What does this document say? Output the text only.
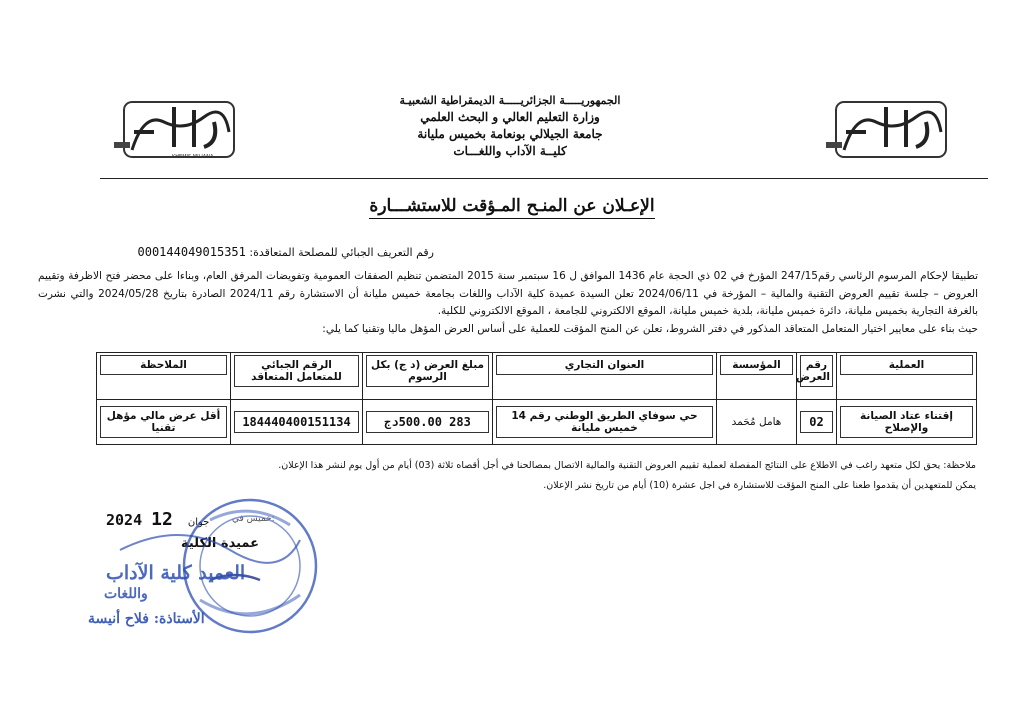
KHEMIS MILIANA
الجمهوريـــــة الجزائريـــــة الديمقراطية الشعبيـة
وزارة التعليم العالي و البحث العلمي
جامعة الجيلالي بونعامة بخميس مليانة
كليــة الآداب واللغـــات
الإعـلان عن المنـح المـؤقت للاستشـــارة
رقم التعريف الجبائي للمصلحة المتعاقدة: 000144049015351

تطبيقا لإحكام المرسوم الرئاسي رقم247/15 المؤرخ في 02 ذي الحجة عام 1436 الموافق ل 16 سبتمبر سنة 2015 المتضمن تنظيم الصفقات العمومية وتفويضات المرفق العام، وبناءا على محضر فتح الاظرفة وتقييم العروض – جلسة تقييم العروض التقنية والمالية – المؤرخة في 2024/06/11 تعلن السيدة عميدة كلية الآداب واللغات بجامعة خميس مليانة أن الاستشارة رقم 2024/11 الصادرة بتاريخ 2024/05/28 والتي نشرت بالغرفة التجارية بخميس مليانة، دائرة خميس مليانة، بلدية خميس مليانة، الموقع الالكتروني للجامعة ، الموقع الالكتروني للكلية.

حيث بناء على معايير اختيار المتعامل المتعاقد المذكور في دفتر الشروط، تعلن عن المنح المؤقت للعملية على أساس العرض المؤهل ماليا وتقنيا كما يلي:

العملية	رقم العرض	المؤسسة	العنوان التجاري	مبلغ العرض (د ج) بكل الرسوم	الرقم الجبائي للمتعامل المتعاقد	الملاحظة

إقتناء عتاد الصيانة والإصلاح	02	هامل مُحَمد	حي سوفاي الطريق الوطني رقم 14 خميس مليانة	283 500.00دج	184440400151134	أقل عرض مالي مؤهل تقنيا

ملاحظة: يحق لكل متعهد راغب في الاطلاع على النتائج المفصلة لعملية تقييم العروض التقنية والمالية الاتصال بمصالحنا في أجل أقصاه ثلاثة (03) أيام من أول يوم لنشر هذا الإعلان.

يمكن للمتعهدين أن يقدموا طعنا على المنح المؤقت للاستشارة في اجل عشرة (10) أيام من تاريخ نشر الإعلان.

2024	جوان 12	خميس في:
عميدة الكلية
العميد كلية الآداب
واللغات
الأستاذة: فلاح أنيسة
